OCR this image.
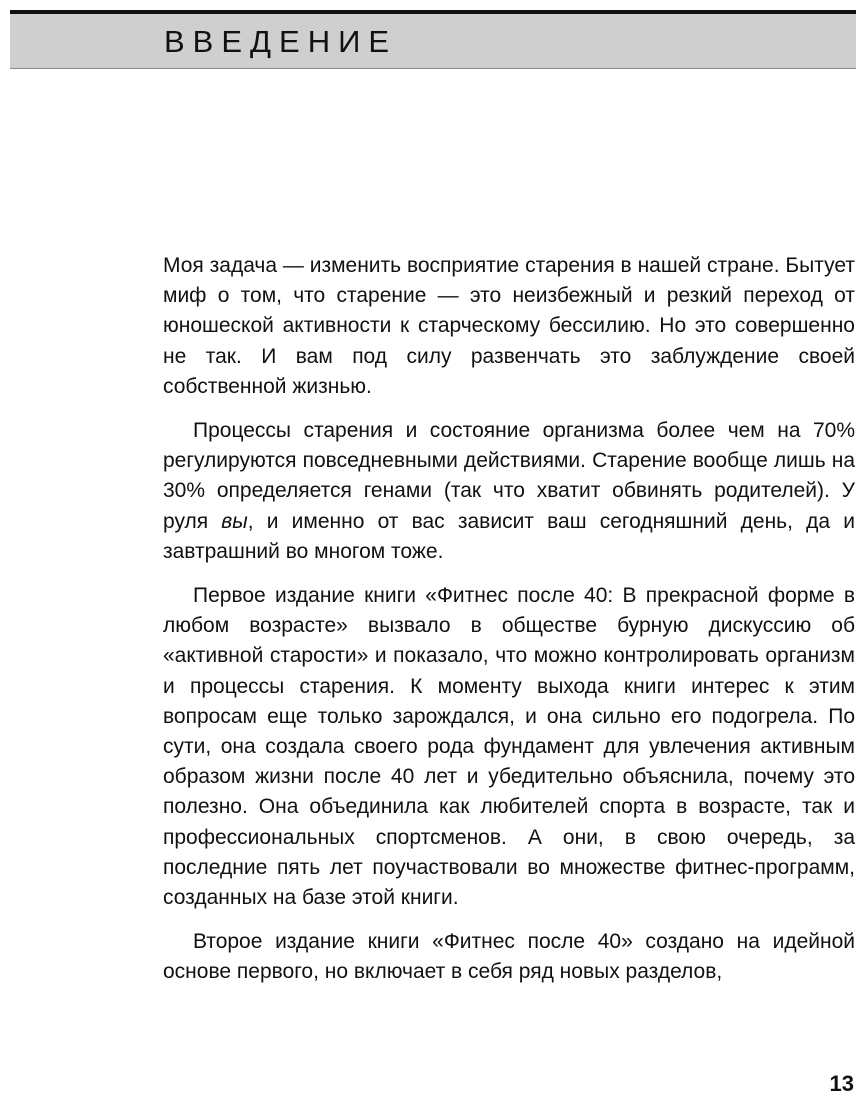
ВВЕДЕНИЕ

Моя задача — изменить восприятие старения в нашей стране. Бытует миф о том, что старение — это неизбежный и резкий переход от юношеской активности к старческому бессилию. Но это совершенно не так. И вам под силу развенчать это заблуждение своей собственной жизнью.

Процессы старения и состояние организма более чем на 70% регулируются повседневными действиями. Старение вообще лишь на 30% определяется генами (так что хватит обвинять родителей). У руля вы, и именно от вас зависит ваш сегодняшний день, да и завтрашний во многом тоже.

Первое издание книги «Фитнес после 40: В прекрасной форме в любом возрасте» вызвало в обществе бурную дискуссию об «активной старости» и показало, что можно контролировать организм и процессы старения. К моменту выхода книги интерес к этим вопросам еще только зарождался, и она сильно его подогрела. По сути, она создала своего рода фундамент для увлечения активным образом жизни после 40 лет и убедительно объяснила, почему это полезно. Она объединила как любителей спорта в возрасте, так и профессиональных спортсменов. А они, в свою очередь, за последние пять лет поучаствовали во множестве фитнес-программ, созданных на базе этой книги.

Второе издание книги «Фитнес после 40» создано на идейной основе первого, но включает в себя ряд новых разделов,

13
